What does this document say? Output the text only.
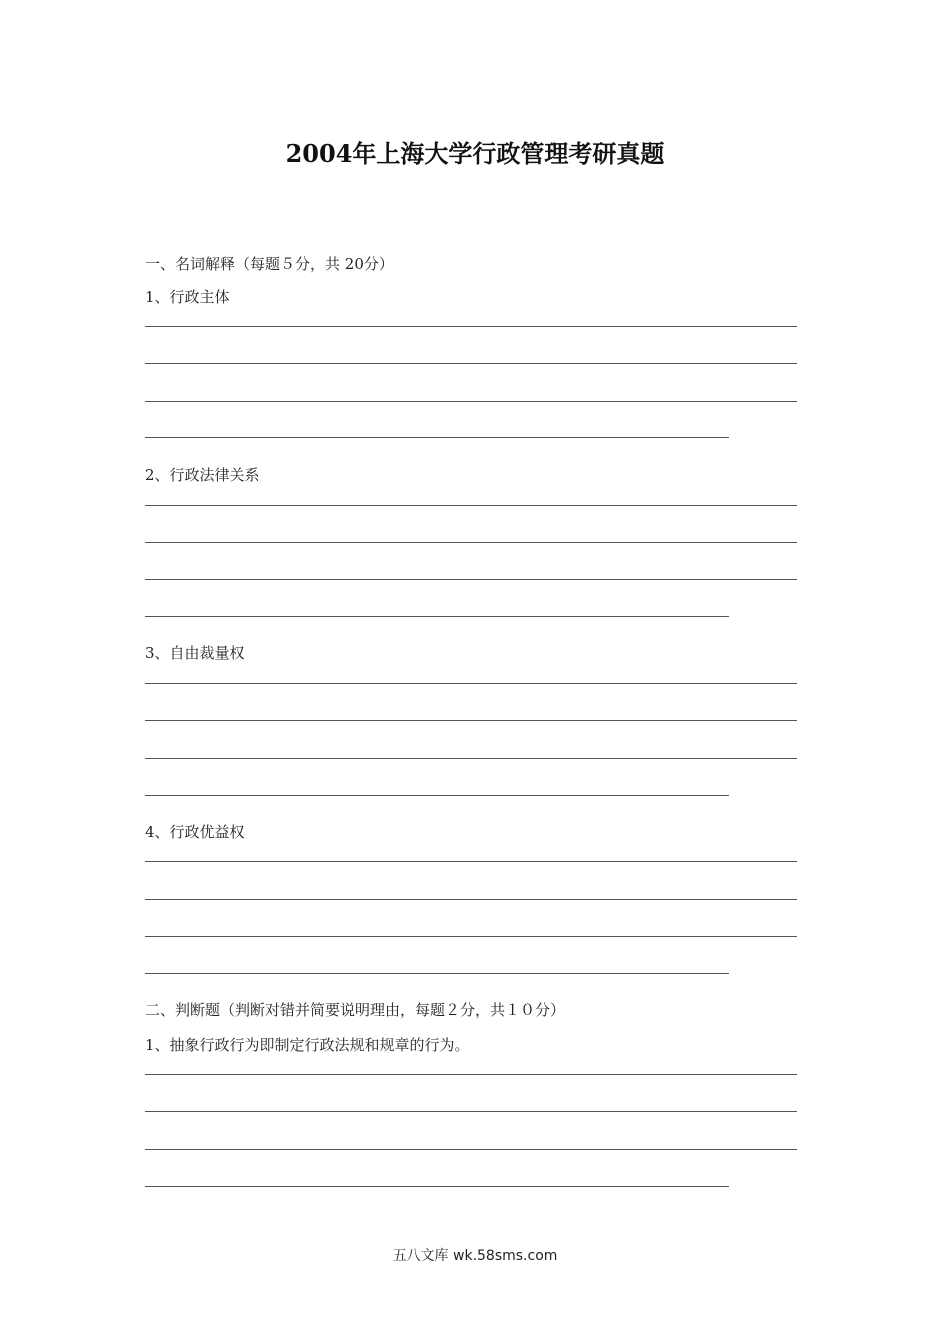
2004年上海大学行政管理考研真题
一、名词解释（每题５分，共 20分）
1、行政主体
2、行政法律关系
3、自由裁量权
4、行政优益权
二、判断题（判断对错并简要说明理由，每题２分，共１０分）
1、抽象行政行为即制定行政法规和规章的行为。
五八文库 wk.58sms.com
